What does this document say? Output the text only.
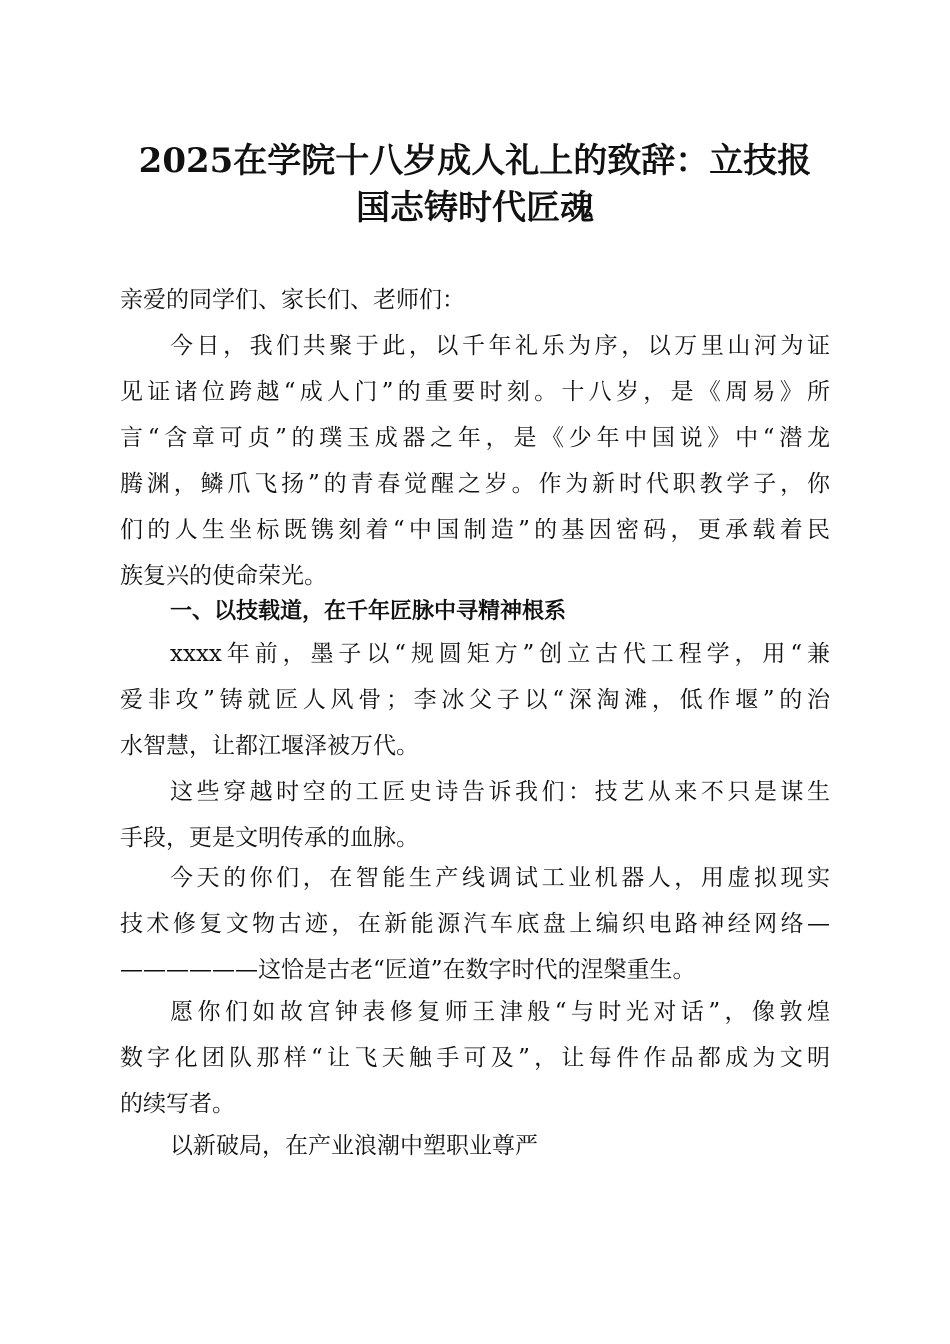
2025在学院十八岁成人礼上的致辞：立技报
国志铸时代匠魂
亲爱的同学们、家长们、老师们：
今日，我们共聚于此，以千年礼乐为序，以万里山河为证
见证诸位跨越“成人门”的重要时刻。十八岁，是《周易》所
言“含章可贞”的璞玉成器之年，是《少年中国说》中“潜龙
腾渊，鳞爪飞扬”的青春觉醒之岁。作为新时代职教学子，你
们的人生坐标既镌刻着“中国制造”的基因密码，更承载着民
族复兴的使命荣光。
一、以技载道，在千年匠脉中寻精神根系
xxxx年前，墨子以“规圆矩方”创立古代工程学，用“兼
爱非攻”铸就匠人风骨；李冰父子以“深淘滩，低作堰”的治
水智慧，让都江堰泽被万代。
这些穿越时空的工匠史诗告诉我们：技艺从来不只是谋生
手段，更是文明传承的血脉。
今天的你们，在智能生产线调试工业机器人，用虚拟现实
技术修复文物古迹，在新能源汽车底盘上编织电路神经网络—
——————这恰是古老“匠道”在数字时代的涅槃重生。
愿你们如故宫钟表修复师王津般“与时光对话”，像敦煌
数字化团队那样“让飞天触手可及”，让每件作品都成为文明
的续写者。
以新破局，在产业浪潮中塑职业尊严
